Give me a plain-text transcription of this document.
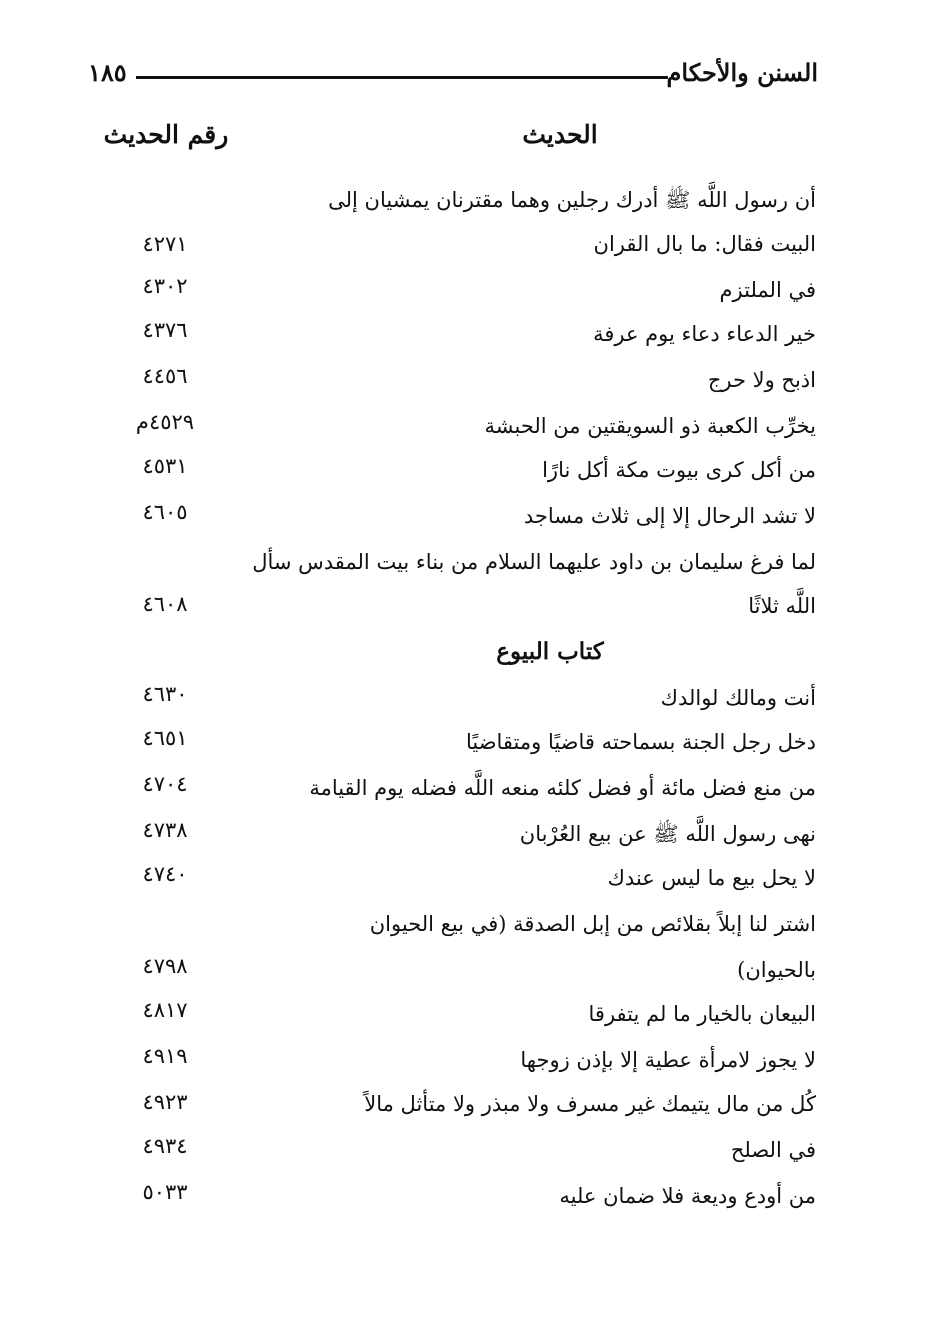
السنن والأحكام
١٨٥
الحديث
رقم الحديث
أن رسول اللَّه ﷺ أدرك رجلين وهما مقترنان يمشيان إلى
البيت فقال: ما بال القران
٤٢٧١
في الملتزم
٤٣٠٢
خير الدعاء دعاء يوم عرفة
٤٣٧٦
اذبح ولا حرج
٤٤٥٦
يخرِّب الكعبة ذو السويقتين من الحبشة
٤٥٢٩م
من أكل كرى بيوت مكة أكل نارًا
٤٥٣١
لا تشد الرحال إلا إلى ثلاث مساجد
٤٦٠٥
لما فرغ سليمان بن داود عليهما السلام من بناء بيت المقدس سأل
اللَّه ثلاثًا
٤٦٠٨
كتاب البيوع
أنت ومالك لوالدك
٤٦٣٠
دخل رجل الجنة بسماحته قاضيًا ومتقاضيًا
٤٦٥١
من منع فضل مائة أو فضل كلئه منعه اللَّه فضله يوم القيامة
٤٧٠٤
نهى رسول اللَّه ﷺ عن بيع العُرْبان
٤٧٣٨
لا يحل بيع ما ليس عندك
٤٧٤٠
اشتر لنا إبلاً بقلائص من إبل الصدقة (في بيع الحيوان
بالحيوان)
٤٧٩٨
البيعان بالخيار ما لم يتفرقا
٤٨١٧
لا يجوز لامرأة عطية إلا بإذن زوجها
٤٩١٩
كُل من مال يتيمك غير مسرف ولا مبذر ولا متأثل مالاً
٤٩٢٣
في الصلح
٤٩٣٤
من أودع وديعة فلا ضمان عليه
٥٠٣٣
